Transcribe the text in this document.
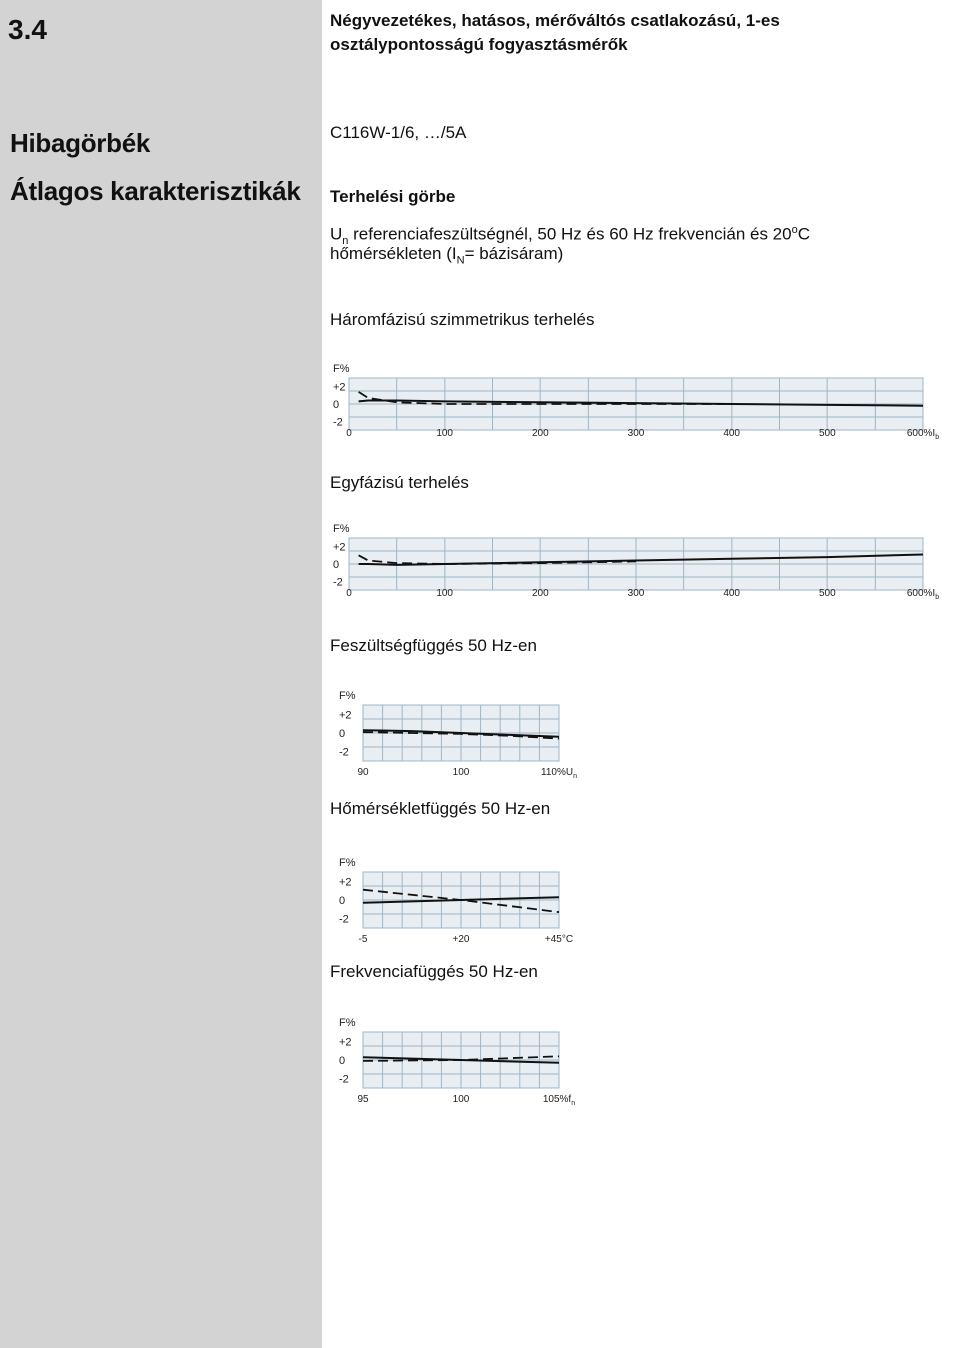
3.4	Négyvezetékes, hatásos, mérőváltós csatlakozású, 1-es osztálypontosságú fogyasztásmérők
Hibagörbék
Átlagos karakterisztikák
C116W-1/6, …/5A
Terhelési görbe
$U_n$ referenciafeszültségnél, 50 Hz és 60 Hz frekvencián és 20$^o$C
hőmérsékleten ($I_N=$ bázisáram)
Háromfázisú szimmetrikus terhelés
F%
+2
0
-2
0	100	200	300	400	500	$600\%I_b$
Egyfázisú terhelés
F%
+2
0
-2
0	100	200	300	400	500	$600\%I_b$
Feszültségfüggés 50 Hz-en
F%
+2
0
-2
90	100	$110\%U_n$
Hőmérsékletfüggés 50 Hz-en
F%
+2
0
-2
-5	+20	+45°C
Frekvenciafüggés 50 Hz-en
F%
+2
0
-2
95	100	$105\%f_n$
